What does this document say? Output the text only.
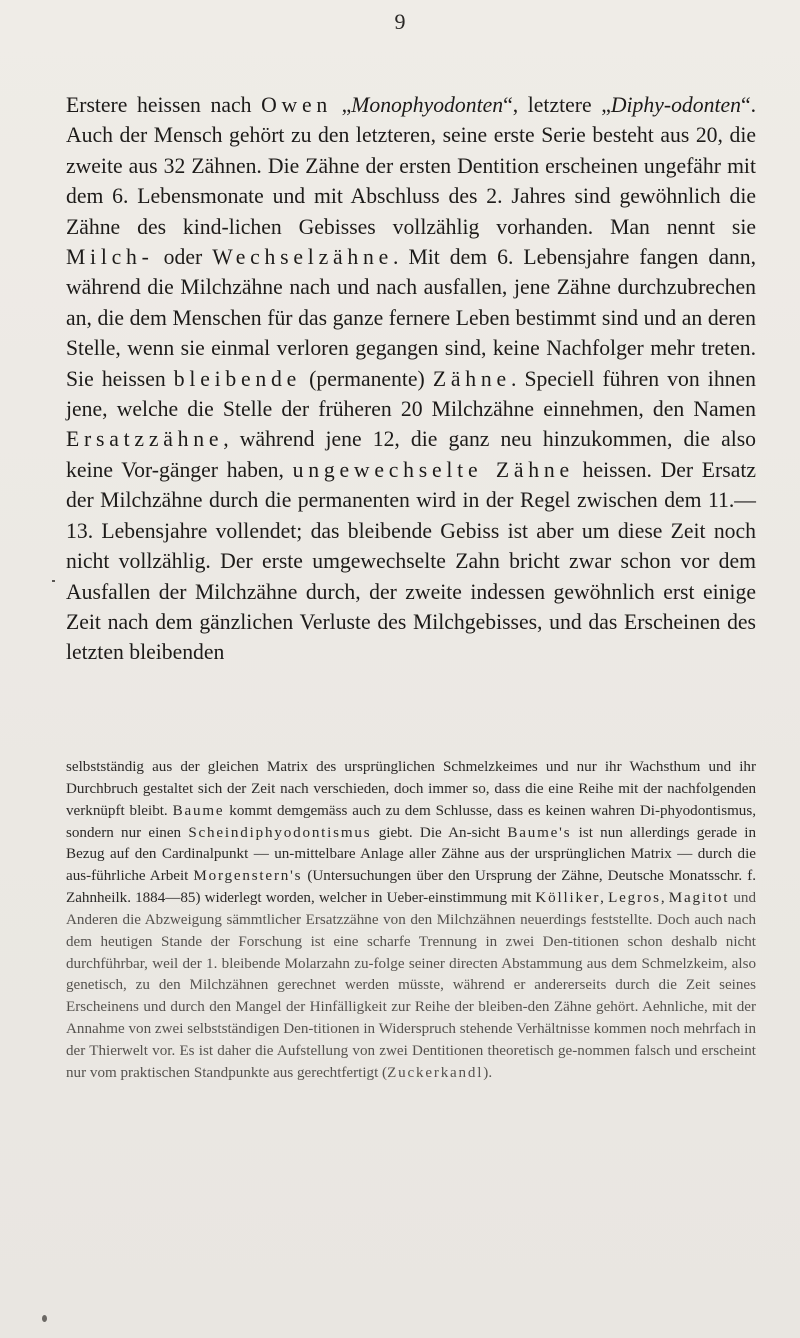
9

Erstere heissen nach Owen „Monophyodonten“, letztere „Diphy-odonten“. Auch der Mensch gehört zu den letzteren, seine erste Serie besteht aus 20, die zweite aus 32 Zähnen. Die Zähne der ersten Dentition erscheinen ungefähr mit dem 6. Lebensmonate und mit Abschluss des 2. Jahres sind gewöhnlich die Zähne des kind-lichen Gebisses vollzählig vorhanden. Man nennt sie Milch- oder Wechselzähne. Mit dem 6. Lebensjahre fangen dann, während die Milchzähne nach und nach ausfallen, jene Zähne durchzubrechen an, die dem Menschen für das ganze fernere Leben bestimmt sind und an deren Stelle, wenn sie einmal verloren gegangen sind, keine Nachfolger mehr treten. Sie heissen bleibende (permanente) Zähne. Speciell führen von ihnen jene, welche die Stelle der früheren 20 Milchzähne einnehmen, den Namen Ersatzzähne, während jene 12, die ganz neu hinzukommen, die also keine Vor-gänger haben, ungewechselte Zähne heissen. Der Ersatz der Milchzähne durch die permanenten wird in der Regel zwischen dem 11.—13. Lebensjahre vollendet; das bleibende Gebiss ist aber um diese Zeit noch nicht vollzählig. Der erste umgewechselte Zahn bricht zwar schon vor dem Ausfallen der Milchzähne durch, der zweite indessen gewöhnlich erst einige Zeit nach dem gänzlichen Verluste des Milchgebisses, und das Erscheinen des letzten bleibenden

selbstständig aus der gleichen Matrix des ursprünglichen Schmelzkeimes und nur ihr Wachsthum und ihr Durchbruch gestaltet sich der Zeit nach verschieden, doch immer so, dass die eine Reihe mit der nachfolgenden verknüpft bleibt. Baume kommt demgemäss auch zu dem Schlusse, dass es keinen wahren Di-phyodontismus, sondern nur einen Scheindiphyodontismus giebt. Die An-sicht Baume's ist nun allerdings gerade in Bezug auf den Cardinalpunkt — un-mittelbare Anlage aller Zähne aus der ursprünglichen Matrix — durch die aus-führliche Arbeit Morgenstern's (Untersuchungen über den Ursprung der Zähne, Deutsche Monatsschr. f. Zahnheilk. 1884—85) widerlegt worden, welcher in Ueber-einstimmung mit Kölliker, Legros, Magitot und Anderen die Abzweigung sämmtlicher Ersatzzähne von den Milchzähnen neuerdings feststellte. Doch auch nach dem heutigen Stande der Forschung ist eine scharfe Trennung in zwei Den-titionen schon deshalb nicht durchführbar, weil der 1. bleibende Molarzahn zu-folge seiner directen Abstammung aus dem Schmelzkeim, also genetisch, zu den Milchzähnen gerechnet werden müsste, während er andererseits durch die Zeit seines Erscheinens und durch den Mangel der Hinfälligkeit zur Reihe der bleiben-den Zähne gehört. Aehnliche, mit der Annahme von zwei selbstständigen Den-titionen in Widerspruch stehende Verhältnisse kommen noch mehrfach in der Thierwelt vor. Es ist daher die Aufstellung von zwei Dentitionen theoretisch ge-nommen falsch und erscheint nur vom praktischen Standpunkte aus gerechtfertigt (Zuckerkandl).
